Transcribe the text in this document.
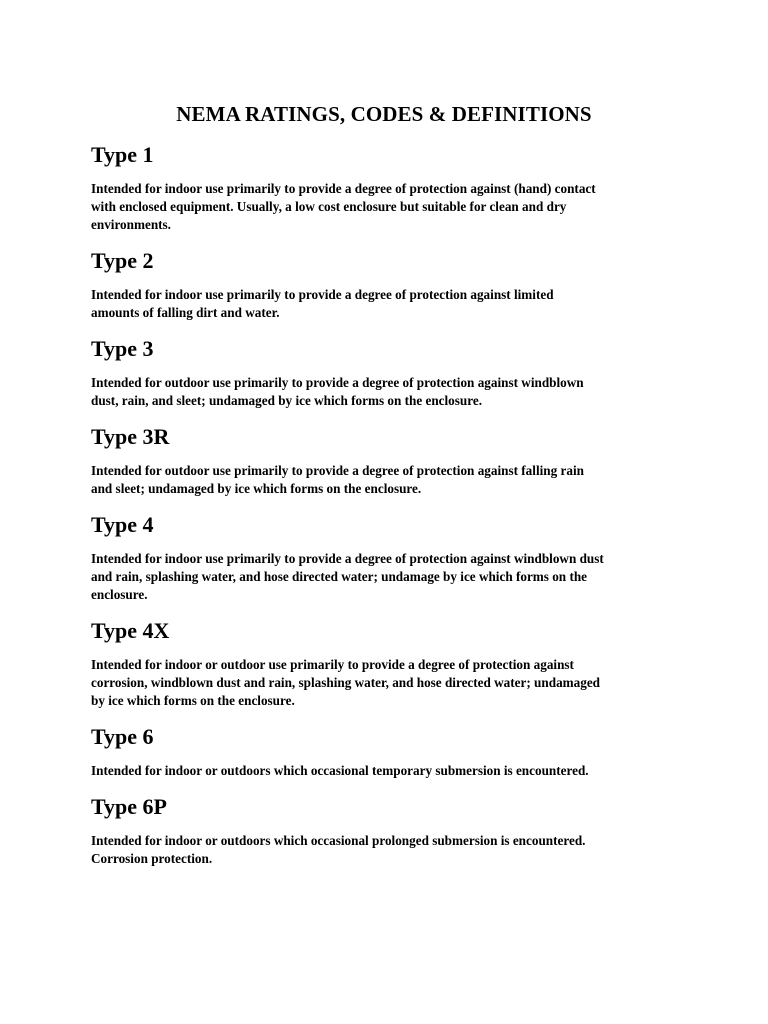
NEMA RATINGS, CODES & DEFINITIONS
Type 1

Intended for indoor use primarily to provide a degree of protection against (hand) contact
with enclosed equipment. Usually, a low cost enclosure but suitable for clean and dry
environments.

Type 2

Intended for indoor use primarily to provide a degree of protection against limited
amounts of falling dirt and water.

Type 3

Intended for outdoor use primarily to provide a degree of protection against windblown
dust, rain, and sleet; undamaged by ice which forms on the enclosure.

Type 3R

Intended for outdoor use primarily to provide a degree of protection against falling rain
and sleet; undamaged by ice which forms on the enclosure.

Type 4

Intended for indoor use primarily to provide a degree of protection against windblown dust
and rain, splashing water, and hose directed water; undamage by ice which forms on the
enclosure.

Type 4X

Intended for indoor or outdoor use primarily to provide a degree of protection against
corrosion, windblown dust and rain, splashing water, and hose directed water; undamaged
by ice which forms on the enclosure.

Type 6

Intended for indoor or outdoors which occasional temporary submersion is encountered.

Type 6P

Intended for indoor or outdoors which occasional prolonged submersion is encountered.
Corrosion protection.
